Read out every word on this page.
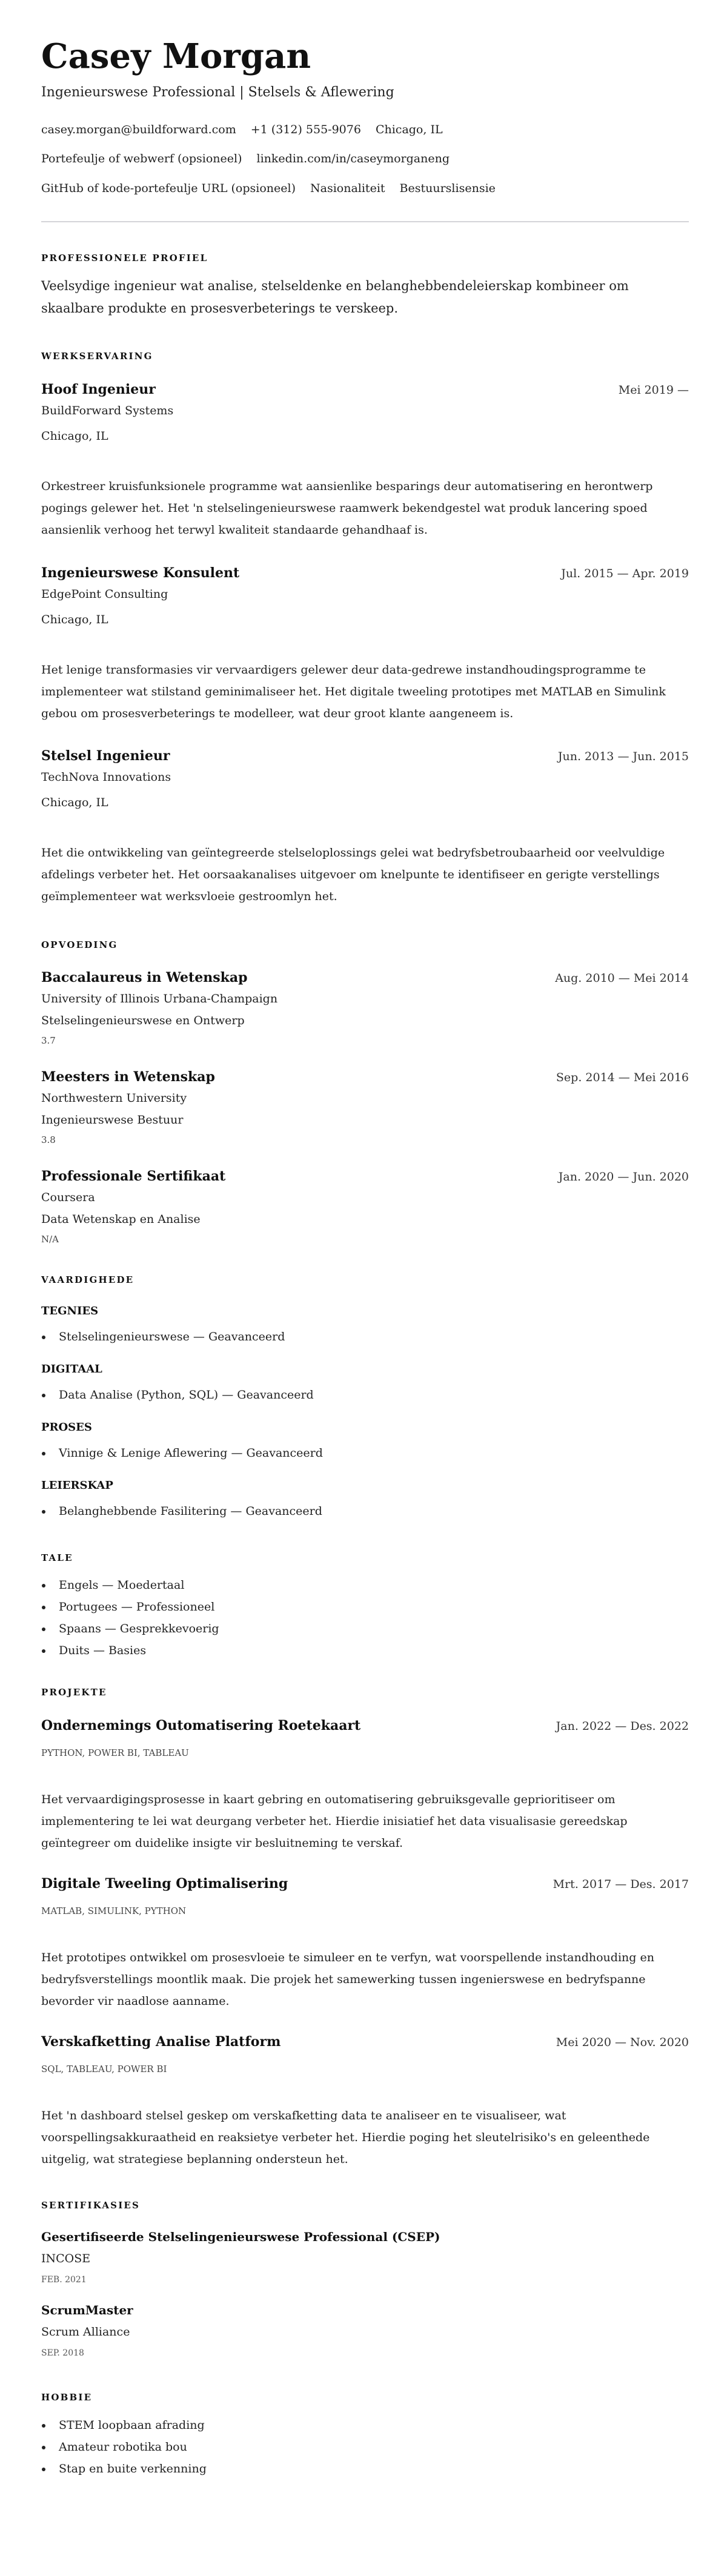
Casey Morgan
Ingenieurswese Professional | Stelsels & Aflewering
casey.morgan@buildforward.com +1 (312) 555-9076 Chicago, IL
Portefeulje of webwerf (opsioneel) linkedin.com/in/caseymorganeng
GitHub of kode-portefeulje URL (opsioneel) Nasionaliteit Bestuurslisensie
PROFESSIONELE PROFIEL
Veelsydige ingenieur wat analise, stelseldenke en belanghebbendeleierskap kombineer om skaalbare produkte en prosesverbeterings te verskeep.
WERKSERVARING
Hoof Ingenieur	Mei 2019 —
BuildForward Systems
Chicago, IL
Orkestreer kruisfunksionele programme wat aansienlike besparings deur automatisering en herontwerp pogings gelewer het. Het 'n stelselingenieurswese raamwerk bekendgestel wat produk lancering spoed aansienlik verhoog het terwyl kwaliteit standaarde gehandhaaf is.
Ingenieurswese Konsulent	Jul. 2015 — Apr. 2019
EdgePoint Consulting
Chicago, IL
Het lenige transformasies vir vervaardigers gelewer deur data-gedrewe instandhoudingsprogramme te implementeer wat stilstand geminimaliseer het. Het digitale tweeling prototipes met MATLAB en Simulink gebou om prosesverbeterings te modelleer, wat deur groot klante aangeneem is.
Stelsel Ingenieur	Jun. 2013 — Jun. 2015
TechNova Innovations
Chicago, IL
Het die ontwikkeling van geïntegreerde stelseloplossings gelei wat bedryfsbetroubaarheid oor veelvuldige afdelings verbeter het. Het oorsaakanalises uitgevoer om knelpunte te identifiseer en gerigte verstellings geïmplementeer wat werksvloeie gestroomlyn het.
OPVOEDING
Baccalaureus in Wetenskap	Aug. 2010 — Mei 2014
University of Illinois Urbana-Champaign
Stelselingenieurswese en Ontwerp
3.7
Meesters in Wetenskap	Sep. 2014 — Mei 2016
Northwestern University
Ingenieurswese Bestuur
3.8
Professionale Sertifikaat	Jan. 2020 — Jun. 2020
Coursera
Data Wetenskap en Analise
N/A
VAARDIGHEDE
TEGNIES
Stelselingenieurswese — Geavanceerd
DIGITAAL
Data Analise (Python, SQL) — Geavanceerd
PROSES
Vinnige & Lenige Aflewering — Geavanceerd
LEIERSKAP
Belanghebbende Fasilitering — Geavanceerd
TALE
Engels — Moedertaal
Portugees — Professioneel
Spaans — Gesprekkevoerig
Duits — Basies
PROJEKTE
Ondernemings Outomatisering Roetekaart	Jan. 2022 — Des. 2022
PYTHON, POWER BI, TABLEAU
Het vervaardigingsprosesse in kaart gebring en outomatisering gebruiksgevalle geprioritiseer om implementering te lei wat deurgang verbeter het. Hierdie inisiatief het data visualisasie gereedskap geïntegreer om duidelike insigte vir besluitneming te verskaf.
Digitale Tweeling Optimalisering	Mrt. 2017 — Des. 2017
MATLAB, SIMULINK, PYTHON
Het prototipes ontwikkel om prosesvloeie te simuleer en te verfyn, wat voorspellende instandhouding en bedryfsverstellings moontlik maak. Die projek het samewerking tussen ingenierswese en bedryfspanne bevorder vir naadlose aanname.
Verskafketting Analise Platform	Mei 2020 — Nov. 2020
SQL, TABLEAU, POWER BI
Het 'n dashboard stelsel geskep om verskafketting data te analiseer en te visualiseer, wat voorspellingsakkuraatheid en reaksietye verbeter het. Hierdie poging het sleutelrisiko's en geleenthede uitgelig, wat strategiese beplanning ondersteun het.
SERTIFIKASIES
Gesertifiseerde Stelselingenieurswese Professional (CSEP)
INCOSE
FEB. 2021
ScrumMaster
Scrum Alliance
SEP. 2018
HOBBIE
STEM loopbaan afrading
Amateur robotika bou
Stap en buite verkenning
